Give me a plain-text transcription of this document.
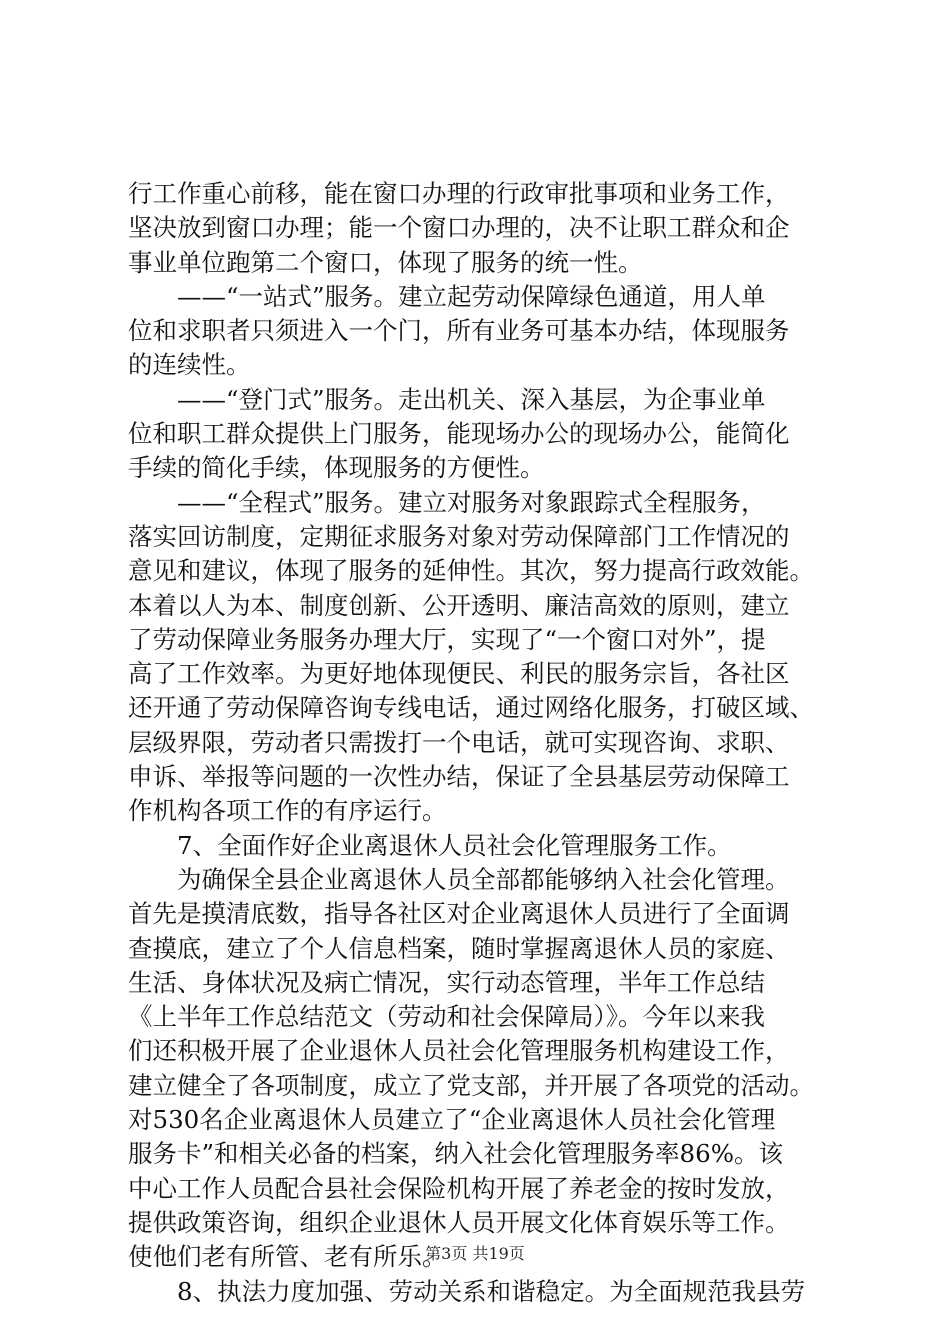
行工作重心前移，能在窗口办理的行政审批事项和业务工作，
坚决放到窗口办理；能一个窗口办理的，决不让职工群众和企
事业单位跑第二个窗口，体现了服务的统一性。
　　——“一站式”服务。建立起劳动保障绿色通道，用人单
位和求职者只须进入一个门，所有业务可基本办结，体现服务
的连续性。
　　——“登门式”服务。走出机关、深入基层，为企事业单
位和职工群众提供上门服务，能现场办公的现场办公，能简化
手续的简化手续，体现服务的方便性。
　　——“全程式”服务。建立对服务对象跟踪式全程服务，
落实回访制度，定期征求服务对象对劳动保障部门工作情况的
意见和建议，体现了服务的延伸性。其次，努力提高行政效能。
本着以人为本、制度创新、公开透明、廉洁高效的原则，建立
了劳动保障业务服务办理大厅，实现了“一个窗口对外”，提
高了工作效率。为更好地体现便民、利民的服务宗旨，各社区
还开通了劳动保障咨询专线电话，通过网络化服务，打破区域、
层级界限，劳动者只需拨打一个电话，就可实现咨询、求职、
申诉、举报等问题的一次性办结，保证了全县基层劳动保障工
作机构各项工作的有序运行。
　　7、全面作好企业离退休人员社会化管理服务工作。
　　为确保全县企业离退休人员全部都能够纳入社会化管理。
首先是摸清底数，指导各社区对企业离退休人员进行了全面调
查摸底，建立了个人信息档案，随时掌握离退休人员的家庭、
生活、身体状况及病亡情况，实行动态管理，半年工作总结
《上半年工作总结范文（劳动和社会保障局）》。今年以来我
们还积极开展了企业退休人员社会化管理服务机构建设工作，
建立健全了各项制度，成立了党支部，并开展了各项党的活动。
对530名企业离退休人员建立了“企业离退休人员社会化管理
服务卡”和相关必备的档案，纳入社会化管理服务率86%。该
中心工作人员配合县社会保险机构开展了养老金的按时发放，
提供政策咨询，组织企业退休人员开展文化体育娱乐等工作。
使他们老有所管、老有所乐。
　　8、执法力度加强、劳动关系和谐稳定。为全面规范我县劳
第3页 共19页
